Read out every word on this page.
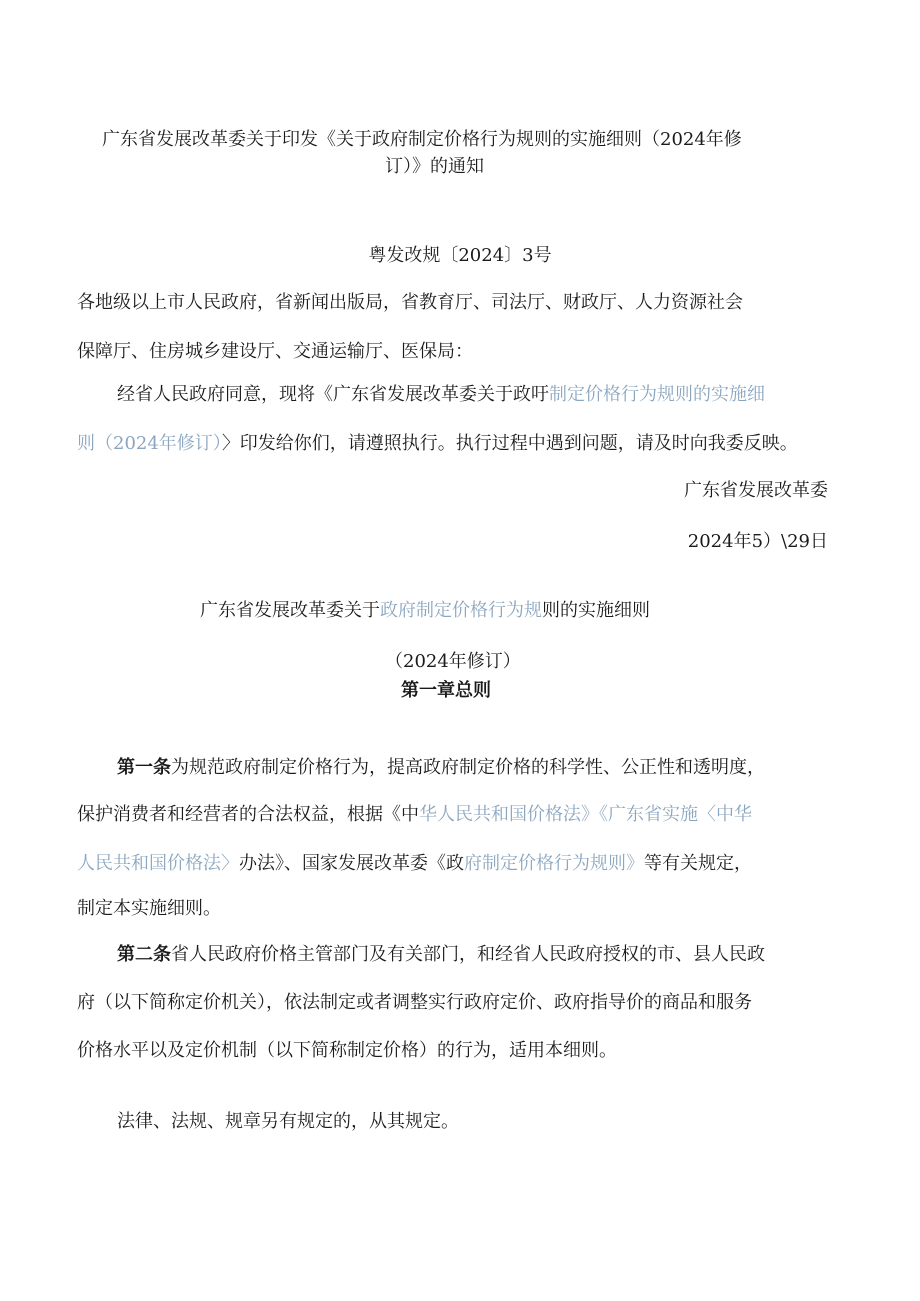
广东省发展改革委关于印发《关于政府制定价格行为规则的实施细则（2024年修
订）》的通知
粤发改规〔2024〕3号
各地级以上市人民政府，省新闻出版局，省教育厅、司法厅、财政厅、人力资源社会
保障厅、住房城乡建设厅、交通运输厅、医保局：
经省人民政府同意，现将《广东省发展改革委关于政吁制定价格行为规则的实施细
则（2024年修订）〉印发给你们，请遵照执行。执行过程中遇到问题，请及时向我委反映。
广东省发展改革委
2024年5）\29日
广东省发展改革委关于政府制定价格行为规则的实施细则
（2024年修订）
第一章总则
第一条为规范政府制定价格行为，提高政府制定价格的科学性、公正性和透明度，
保护消费者和经营者的合法权益，根据《中华人民共和国价格法》《广东省实施〈中华
人民共和国价格法〉办法》、国家发展改革委《政府制定价格行为规则》等有关规定，
制定本实施细则。
第二条省人民政府价格主管部门及有关部门，和经省人民政府授权的市、县人民政
府（以下简称定价机关），依法制定或者调整实行政府定价、政府指导价的商品和服务
价格水平以及定价机制（以下简称制定价格）的行为，适用本细则。
法律、法规、规章另有规定的，从其规定。
